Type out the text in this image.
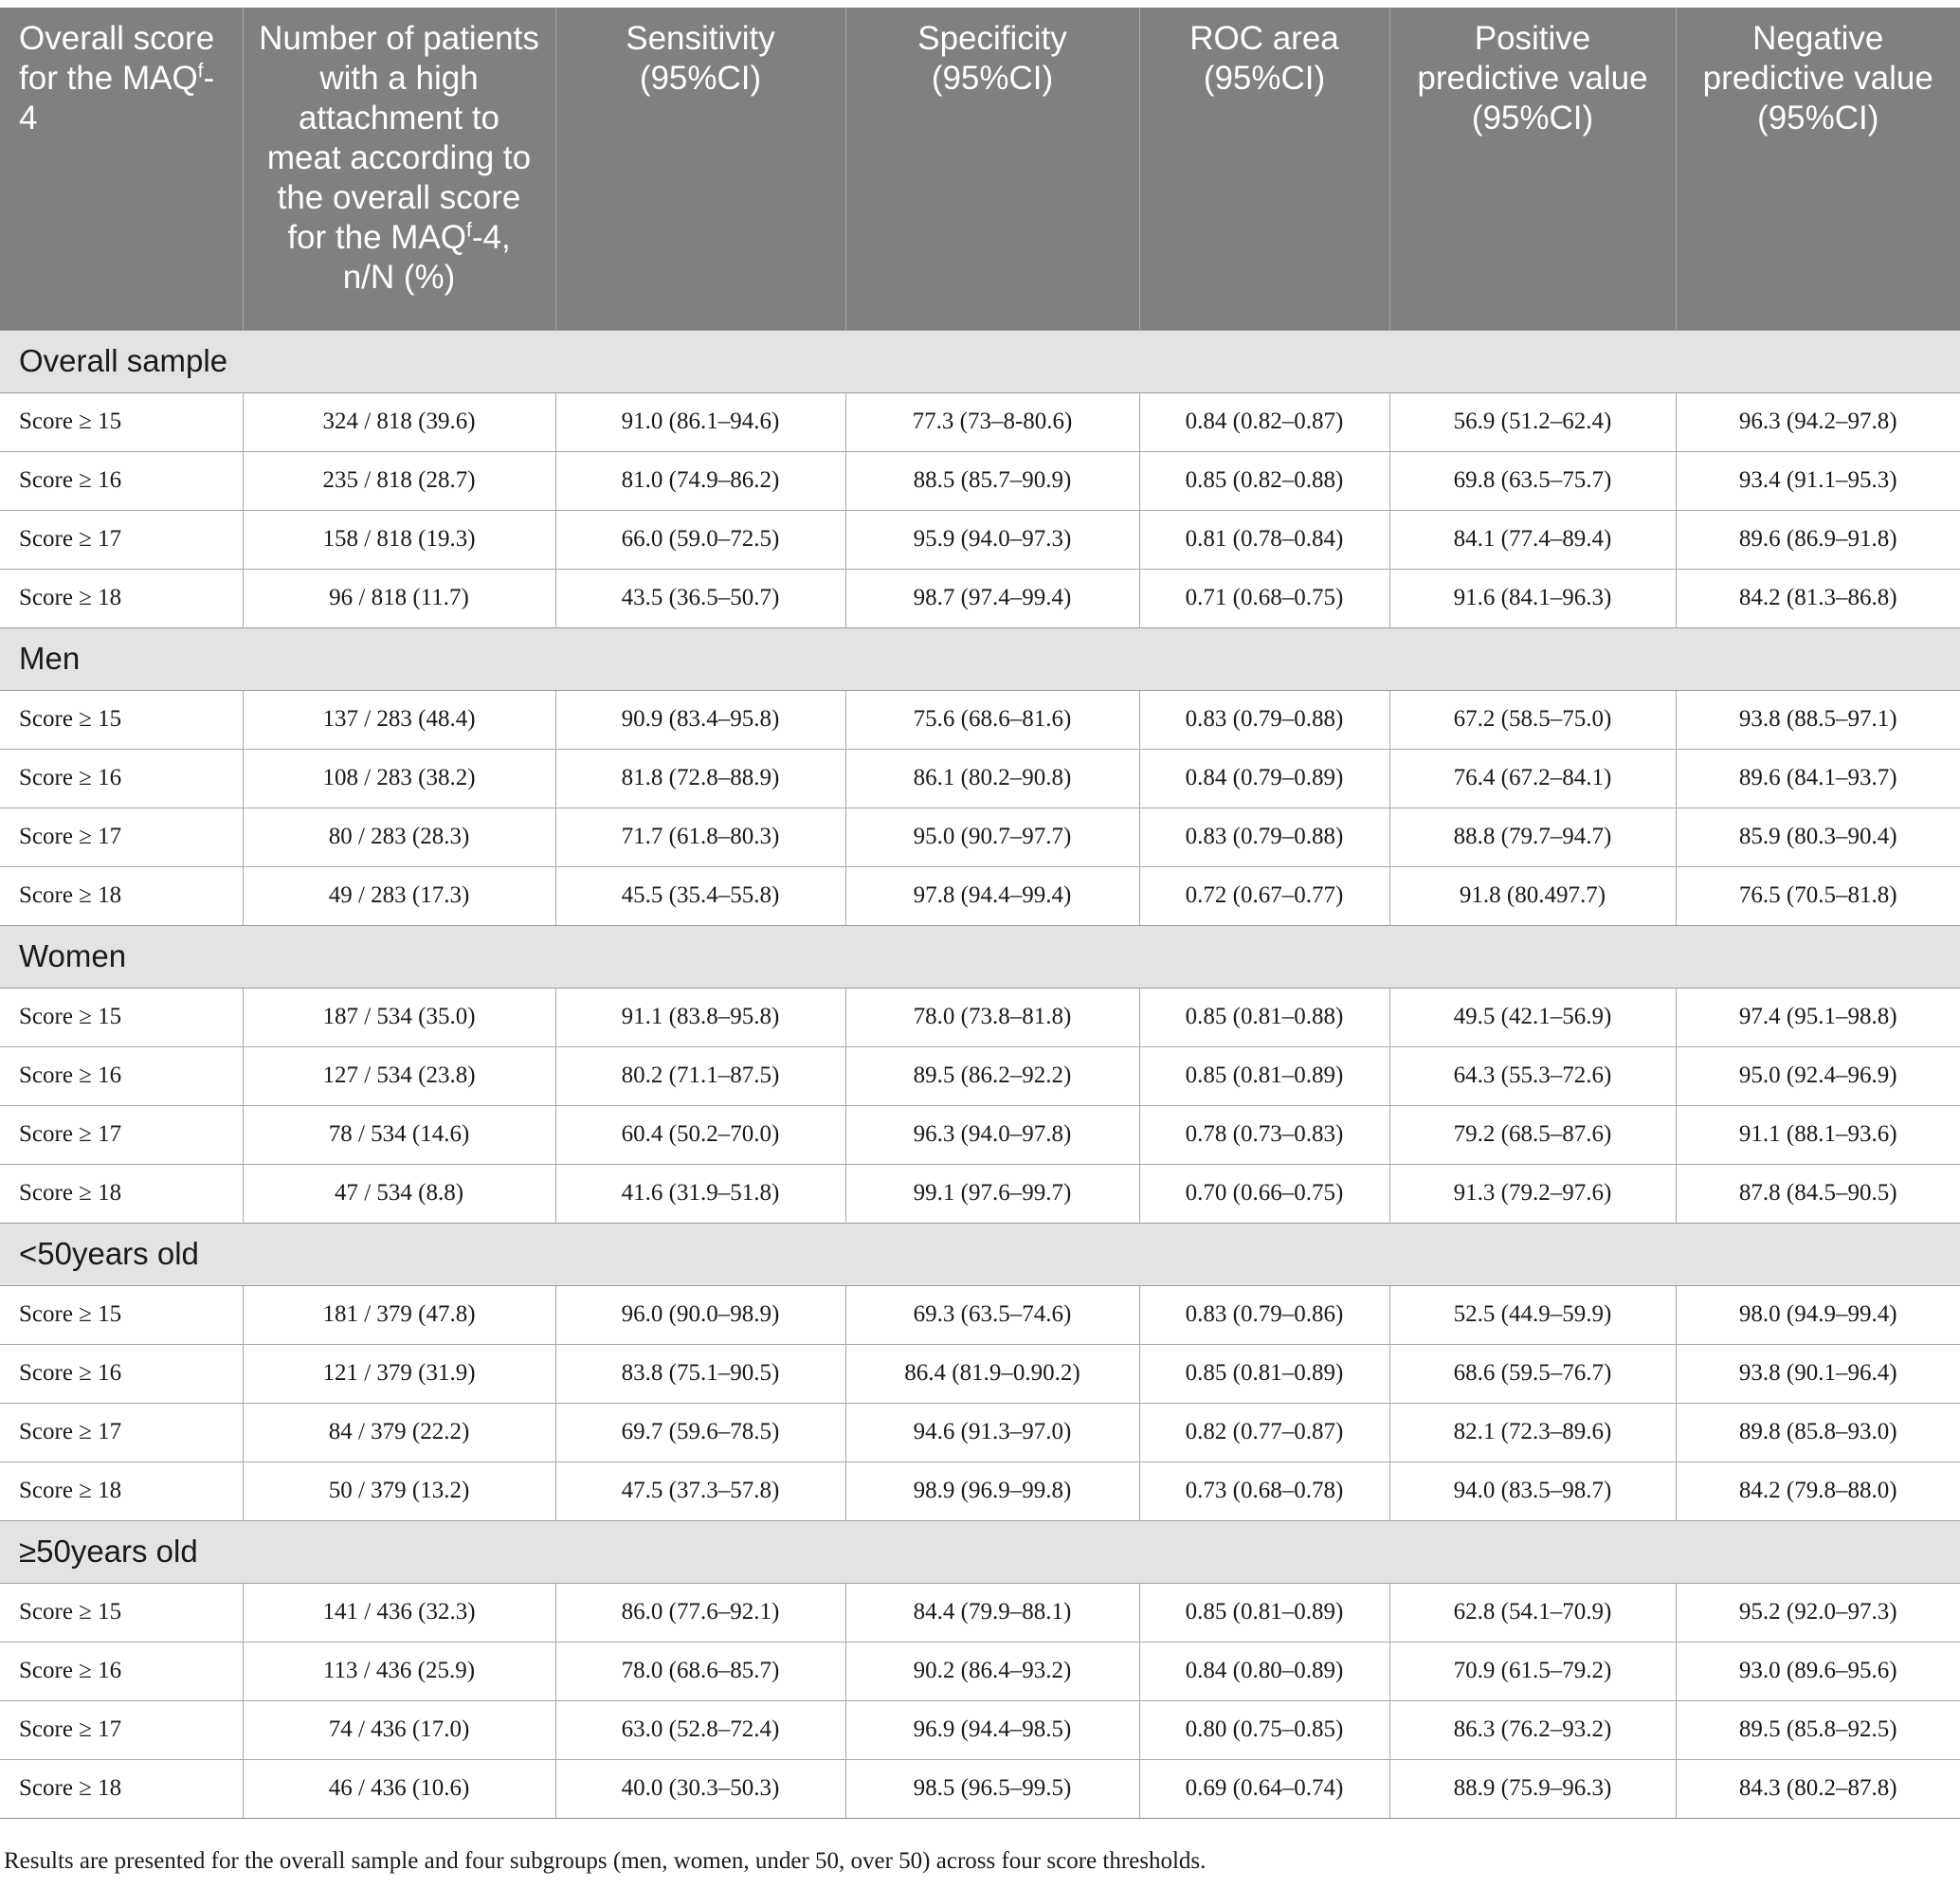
Overall score for the MAQ$^f$-4	Number of patients with a high attachment to meat according to the overall score for the MAQ$^f$-4, n/N (%)	Sensitivity (95%CI)	Specificity (95%CI)	ROC area (95%CI)	Positive predictive value (95%CI)	Negative predictive value (95%CI)
Overall sample						
Score ≥ 15	324 / 818 (39.6)	91.0 (86.1–94.6)	77.3 (73–8-80.6)	0.84 (0.82–0.87)	56.9 (51.2–62.4)	96.3 (94.2–97.8)
Score ≥ 16	235 / 818 (28.7)	81.0 (74.9–86.2)	88.5 (85.7–90.9)	0.85 (0.82–0.88)	69.8 (63.5–75.7)	93.4 (91.1–95.3)
Score ≥ 17	158 / 818 (19.3)	66.0 (59.0–72.5)	95.9 (94.0–97.3)	0.81 (0.78–0.84)	84.1 (77.4–89.4)	89.6 (86.9–91.8)
Score ≥ 18	96 / 818 (11.7)	43.5 (36.5–50.7)	98.7 (97.4–99.4)	0.71 (0.68–0.75)	91.6 (84.1–96.3)	84.2 (81.3–86.8)
Men						
Score ≥ 15	137 / 283 (48.4)	90.9 (83.4–95.8)	75.6 (68.6–81.6)	0.83 (0.79–0.88)	67.2 (58.5–75.0)	93.8 (88.5–97.1)
Score ≥ 16	108 / 283 (38.2)	81.8 (72.8–88.9)	86.1 (80.2–90.8)	0.84 (0.79–0.89)	76.4 (67.2–84.1)	89.6 (84.1–93.7)
Score ≥ 17	80 / 283 (28.3)	71.7 (61.8–80.3)	95.0 (90.7–97.7)	0.83 (0.79–0.88)	88.8 (79.7–94.7)	85.9 (80.3–90.4)
Score ≥ 18	49 / 283 (17.3)	45.5 (35.4–55.8)	97.8 (94.4–99.4)	0.72 (0.67–0.77)	91.8 (80.497.7)	76.5 (70.5–81.8)
Women						
Score ≥ 15	187 / 534 (35.0)	91.1 (83.8–95.8)	78.0 (73.8–81.8)	0.85 (0.81–0.88)	49.5 (42.1–56.9)	97.4 (95.1–98.8)
Score ≥ 16	127 / 534 (23.8)	80.2 (71.1–87.5)	89.5 (86.2–92.2)	0.85 (0.81–0.89)	64.3 (55.3–72.6)	95.0 (92.4–96.9)
Score ≥ 17	78 / 534 (14.6)	60.4 (50.2–70.0)	96.3 (94.0–97.8)	0.78 (0.73–0.83)	79.2 (68.5–87.6)	91.1 (88.1–93.6)
Score ≥ 18	47 / 534 (8.8)	41.6 (31.9–51.8)	99.1 (97.6–99.7)	0.70 (0.66–0.75)	91.3 (79.2–97.6)	87.8 (84.5–90.5)
<50years old						
Score ≥ 15	181 / 379 (47.8)	96.0 (90.0–98.9)	69.3 (63.5–74.6)	0.83 (0.79–0.86)	52.5 (44.9–59.9)	98.0 (94.9–99.4)
Score ≥ 16	121 / 379 (31.9)	83.8 (75.1–90.5)	86.4 (81.9–0.90.2)	0.85 (0.81–0.89)	68.6 (59.5–76.7)	93.8 (90.1–96.4)
Score ≥ 17	84 / 379 (22.2)	69.7 (59.6–78.5)	94.6 (91.3–97.0)	0.82 (0.77–0.87)	82.1 (72.3–89.6)	89.8 (85.8–93.0)
Score ≥ 18	50 / 379 (13.2)	47.5 (37.3–57.8)	98.9 (96.9–99.8)	0.73 (0.68–0.78)	94.0 (83.5–98.7)	84.2 (79.8–88.0)
≥50years old						
Score ≥ 15	141 / 436 (32.3)	86.0 (77.6–92.1)	84.4 (79.9–88.1)	0.85 (0.81–0.89)	62.8 (54.1–70.9)	95.2 (92.0–97.3)
Score ≥ 16	113 / 436 (25.9)	78.0 (68.6–85.7)	90.2 (86.4–93.2)	0.84 (0.80–0.89)	70.9 (61.5–79.2)	93.0 (89.6–95.6)
Score ≥ 17	74 / 436 (17.0)	63.0 (52.8–72.4)	96.9 (94.4–98.5)	0.80 (0.75–0.85)	86.3 (76.2–93.2)	89.5 (85.8–92.5)
Score ≥ 18	46 / 436 (10.6)	40.0 (30.3–50.3)	98.5 (96.5–99.5)	0.69 (0.64–0.74)	88.9 (75.9–96.3)	84.3 (80.2–87.8)
Results are presented for the overall sample and four subgroups (men, women, under 50, over 50) across four score thresholds.
